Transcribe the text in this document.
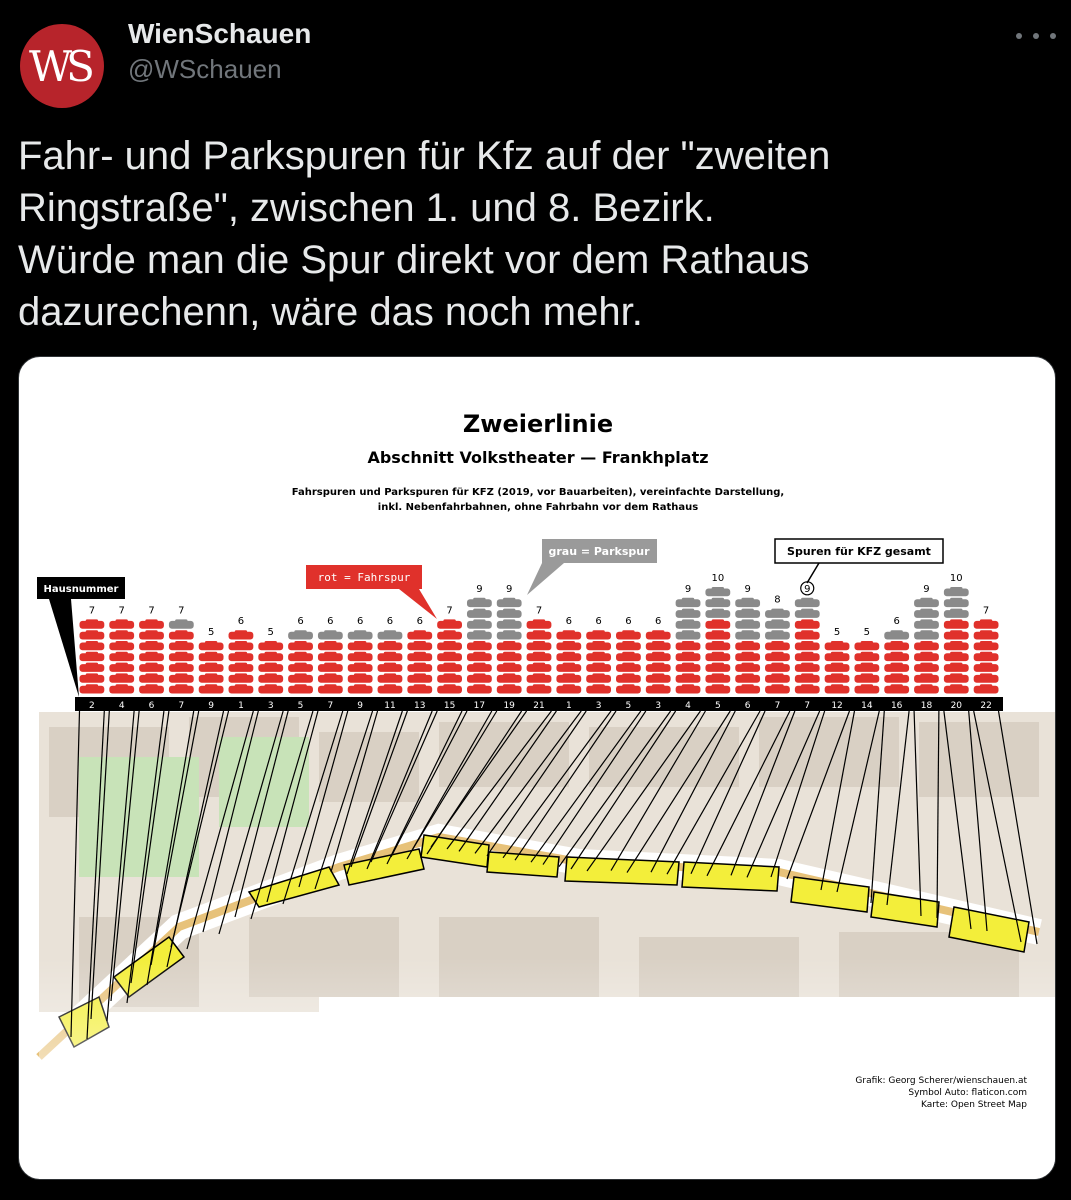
WS
WienSchauen
@WSchauen
Fahr- und Parkspuren für Kfz auf der "zweiten
Ringstraße", zwischen 1. und 8. Bezirk.
Würde man die Spur direkt vor dem Rathaus
dazurechenn, wäre das noch mehr.
Zweierlinie
Abschnitt Volkstheater — Frankhplatz
Fahrspuren und Parkspuren für KFZ (2019, vor Bauarbeiten), vereinfachte Darstellung,
inkl. Nebenfahrbahnen, ohne Fahrbahn vor dem Rathaus
Hausnummer
rot = Fahrspur
grau = Parkspur	Spuren für KFZ gesamt
7 7 7 7
5
6
5
6 6 6 6 6
7
9 9
7
6 6 6 6
9
10
9
8
9
5 5
6
9
10
7
2	4	6	7	9	1	3	5	7	9 11 13 15 17 19 21 1	3	5	3	4	5	6	7	7 12 14 16 18 20 22
Grafik: Georg Scherer/wienschauen.at
Symbol Auto: flaticon.com
Karte: Open Street Map
